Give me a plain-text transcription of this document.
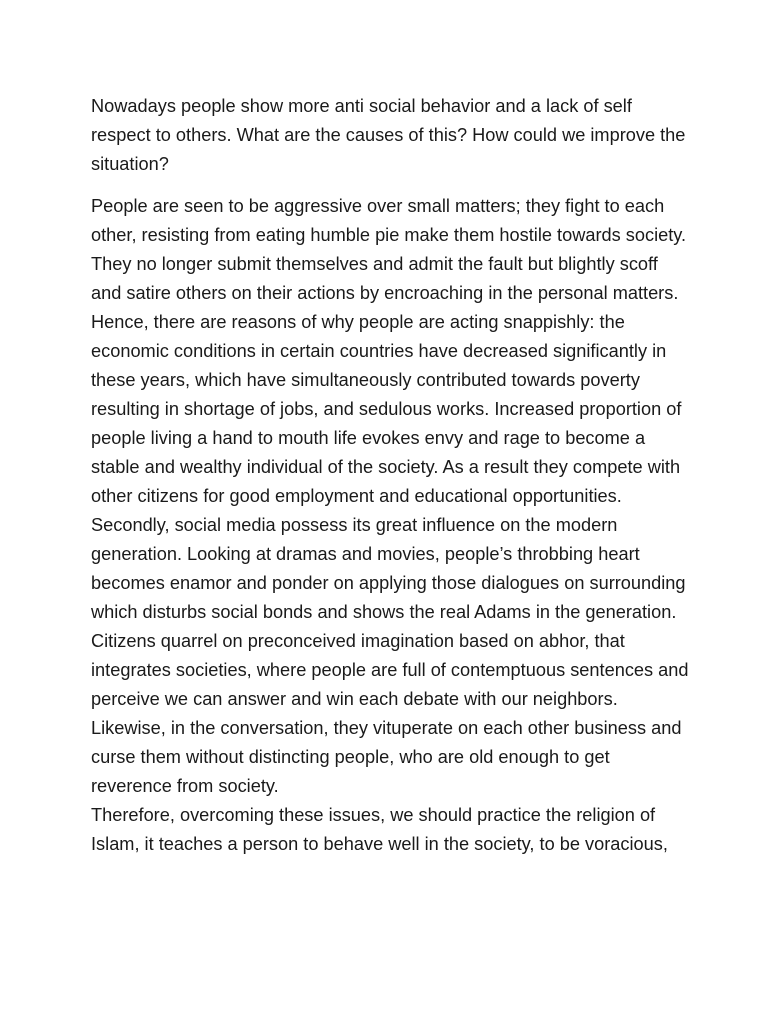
Nowadays people show more anti social behavior and a lack of self respect to others. What are the causes of this? How could we improve the situation?

People are seen to be aggressive over small matters; they fight to each other, resisting from eating humble pie make them hostile towards society. They no longer submit themselves and admit the fault but blightly scoff and satire others on their actions by encroaching in the personal matters.

Hence, there are reasons of why people are acting snappishly: the economic conditions in certain countries have decreased significantly in these years, which have simultaneously contributed towards poverty resulting in shortage of jobs, and sedulous works. Increased proportion of people living a hand to mouth life evokes envy and rage to become a stable and wealthy individual of the society. As a result they compete with other citizens for good employment and educational opportunities.

Secondly, social media possess its great influence on the modern generation. Looking at dramas and movies, people’s throbbing heart becomes enamor and ponder on applying those dialogues on surrounding which disturbs social bonds and shows the real Adams in the generation. Citizens quarrel on preconceived imagination based on abhor, that integrates societies, where people are full of contemptuous sentences and perceive we can answer and win each debate with our neighbors. Likewise, in the conversation, they vituperate on each other business and curse them without distincting people, who are old enough to get reverence from society.

Therefore, overcoming these issues, we should practice the religion of Islam, it teaches a person to behave well in the society, to be voracious,
